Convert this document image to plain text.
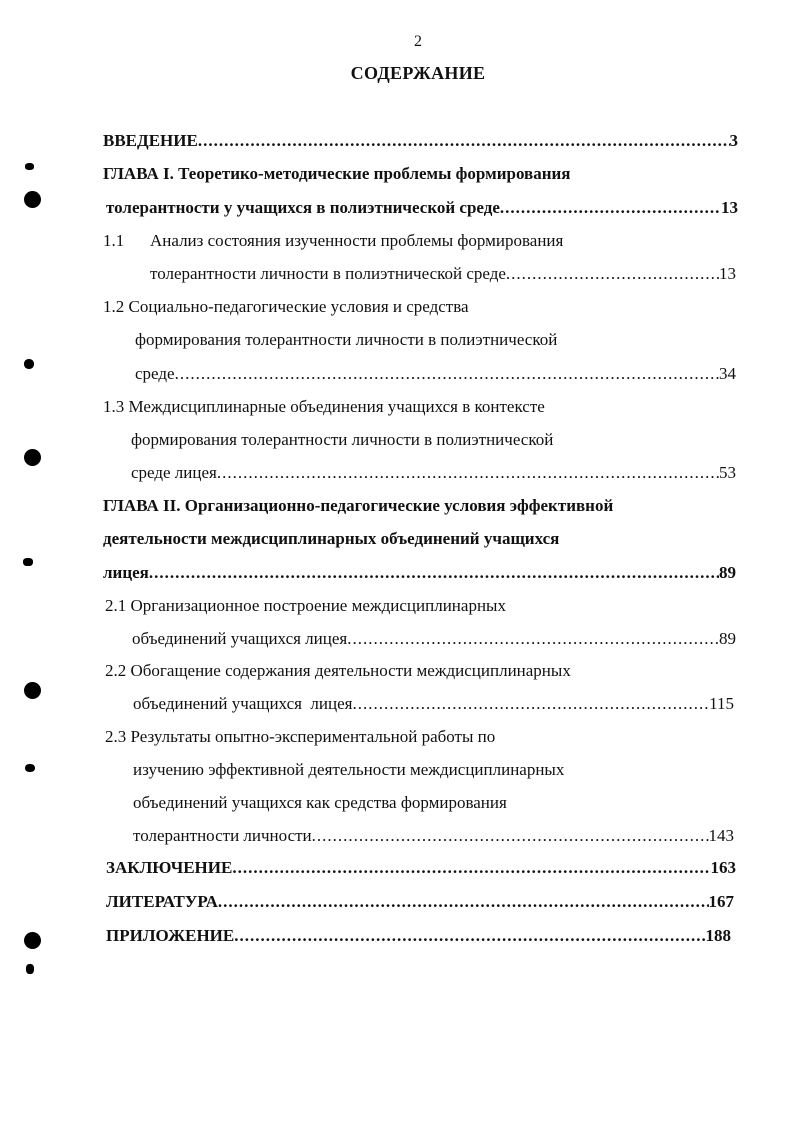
2
СОДЕРЖАНИЕ
ВВЕДЕНИЕ .....	3
ГЛАВА I. Теоретико-методические проблемы формирования
толерантности у учащихся в полиэтнической среде .....	13
1.1 Анализ состояния изученности проблемы формирования
толерантности личности в полиэтнической среде .....	13
1.2 Социально-педагогические условия и средства
формирования толерантности личности в полиэтнической
среде .....	34
1.3 Междисциплинарные объединения учащихся в контексте
формирования толерантности личности в полиэтнической
среде лицея .....	53
ГЛАВА II. Организационно-педагогические условия эффективной
деятельности междисциплинарных объединений учащихся
лицея .....	89
2.1 Организационное построение междисциплинарных
объединений учащихся лицея .....	89
2.2 Обогащение содержания деятельности междисциплинарных
объединений учащихся  лицея .....	115
2.3 Результаты опытно-экспериментальной работы по
изучению эффективной деятельности междисциплинарных
объединений учащихся как средства формирования
толерантности личности .....	143
ЗАКЛЮЧЕНИЕ .....	163
ЛИТЕРАТУРА .....	167
ПРИЛОЖЕНИЕ .....	188
